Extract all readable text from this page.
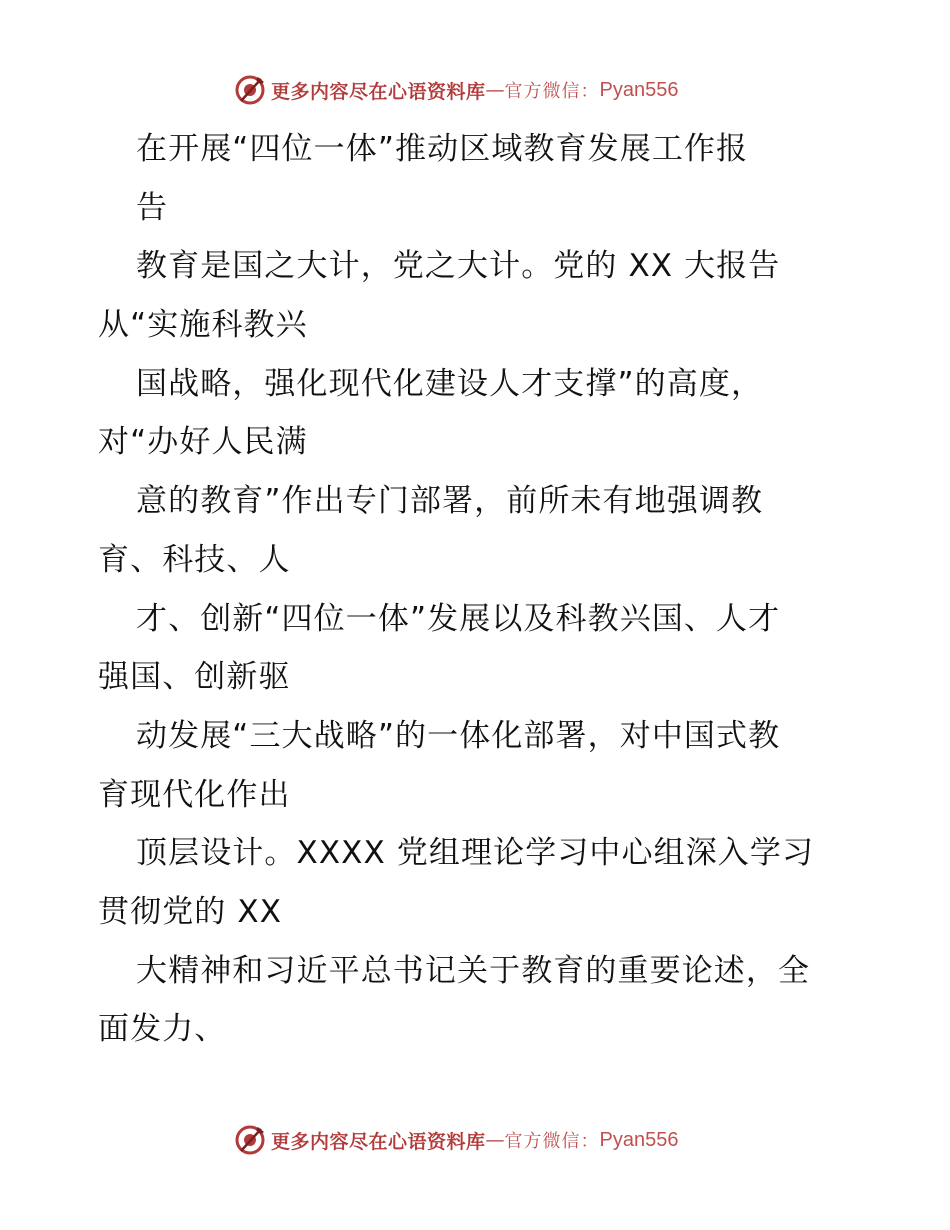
更多内容尽在心语资料库 — 官方微信： Pyan556
在开展“四位一体”推动区域教育发展工作报
告
教育是国之大计，党之大计。党的 XX 大报告
从“实施科教兴
国战略，强化现代化建设人才支撑”的高度，
对“办好人民满
意的教育”作出专门部署，前所未有地强调教
育、科技、人
才、创新“四位一体”发展以及科教兴国、人才
强国、创新驱
动发展“三大战略”的一体化部署，对中国式教
育现代化作出
顶层设计。XXXX 党组理论学习中心组深入学习
贯彻党的 XX
大精神和习近平总书记关于教育的重要论述，全
面发力、
更多内容尽在心语资料库 — 官方微信： Pyan556
